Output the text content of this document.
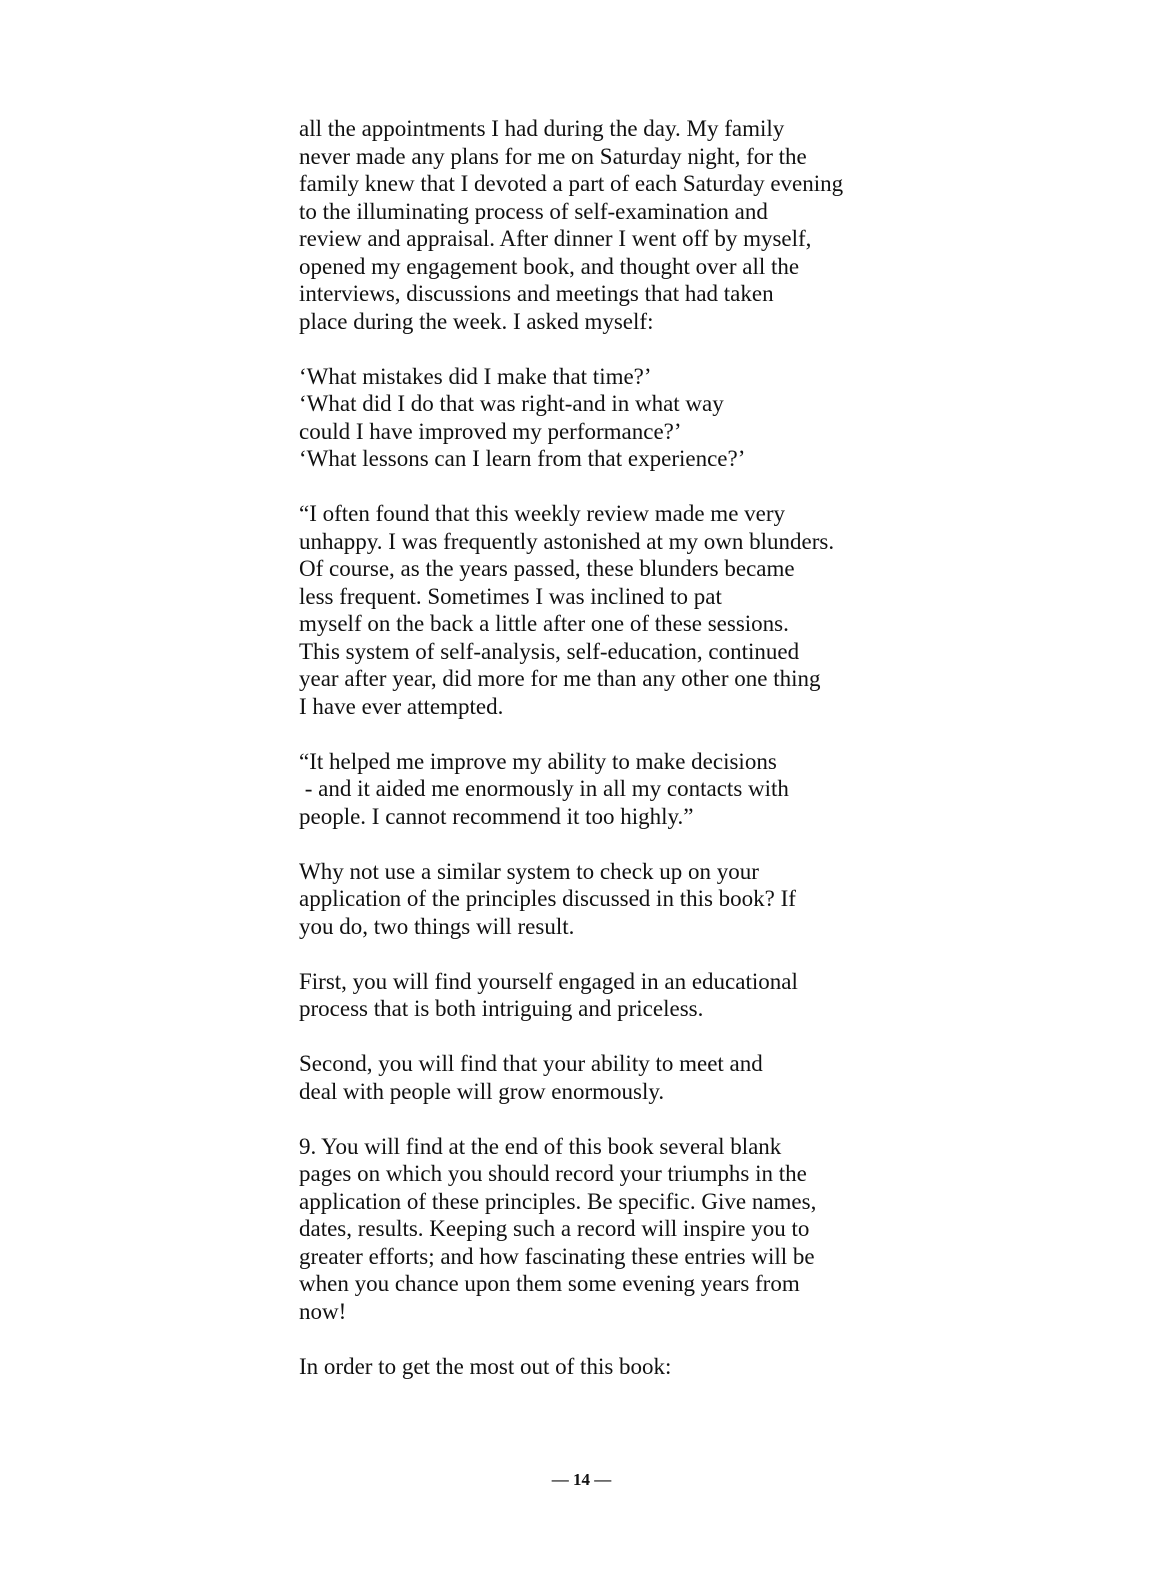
all the appointments I had during the day. My family
never made any plans for me on Saturday night, for the
family knew that I devoted a part of each Saturday evening
to the illuminating process of self-examination and
review and appraisal. After dinner I went off by myself,
opened my engagement book, and thought over all the
interviews, discussions and meetings that had taken
place during the week. I asked myself:

‘What mistakes did I make that time?’
‘What did I do that was right-and in what way
could I have improved my performance?’
‘What lessons can I learn from that experience?’

“I often found that this weekly review made me very
unhappy. I was frequently astonished at my own blunders.
Of course, as the years passed, these blunders became
less frequent. Sometimes I was inclined to pat
myself on the back a little after one of these sessions.
This system of self-analysis, self-education, continued
year after year, did more for me than any other one thing
I have ever attempted.

“It helped me improve my ability to make decisions
- and it aided me enormously in all my contacts with
people. I cannot recommend it too highly.”

Why not use a similar system to check up on your
application of the principles discussed in this book? If
you do, two things will result.

First, you will find yourself engaged in an educational
process that is both intriguing and priceless.

Second, you will find that your ability to meet and
deal with people will grow enormously.

9. You will find at the end of this book several blank
pages on which you should record your triumphs in the
application of these principles. Be specific. Give names,
dates, results. Keeping such a record will inspire you to
greater efforts; and how fascinating these entries will be
when you chance upon them some evening years from
now!

In order to get the most out of this book:

— 14 —
